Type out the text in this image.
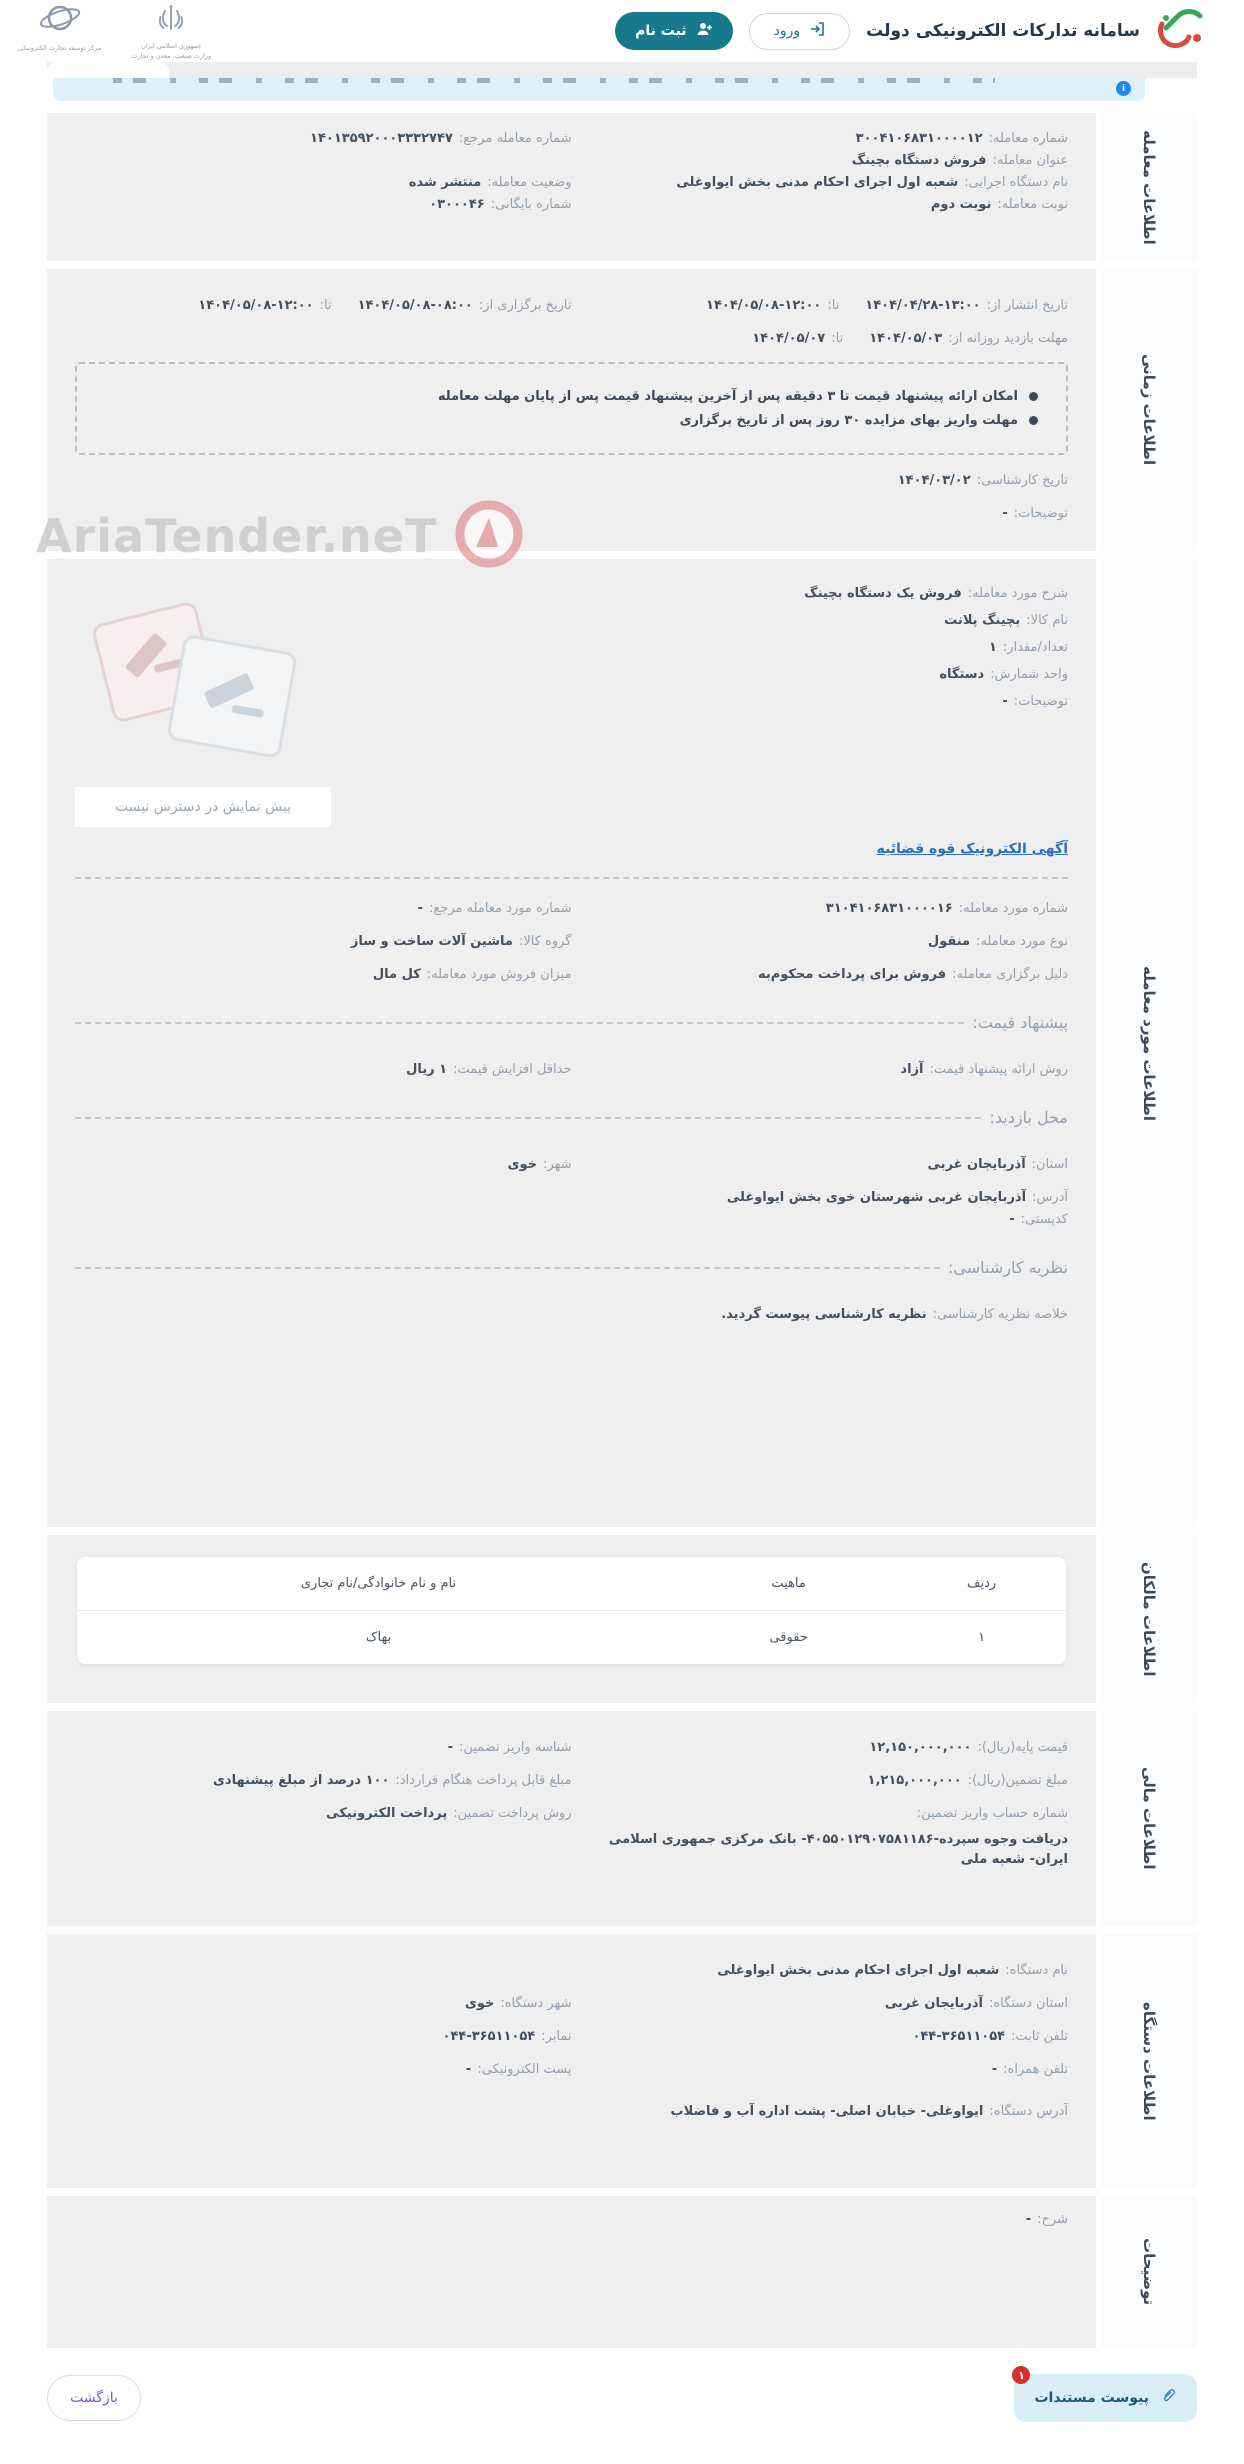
سامانه تدارکات الکترونیکی دولت
ورود
ثبت نام
مرکز توسعه تجارت الکترونیکی	جمهوری اسلامی ایران
وزارت صنعت، معدن و تجارت
i
AriaTender.neT
اطلاعات معامله
شماره معامله:
۳۰۰۴۱۰۶۸۳۱۰۰۰۰۱۲
شماره معامله مرجع:
۱۴۰۱۳۵۹۲۰۰۰۳۳۳۲۷۴۷
عنوان معامله:
فروش دستگاه بچینگ
نام دستگاه اجرایی:
شعبه اول اجرای احکام مدنی بخش ایواوغلی
وضعیت معامله:
منتشر شده
نوبت معامله:
نوبت دوم
شماره بایگانی:
۰۳۰۰۰۴۶
اطلاعات زمانی
تاریخ انتشار از:
۱۴۰۴/۰۴/۲۸-۱۳:۰۰
تا:
۱۴۰۴/۰۵/۰۸-۱۲:۰۰
تاریخ برگزاری از:
۱۴۰۴/۰۵/۰۸-۰۸:۰۰
تا:
۱۴۰۴/۰۵/۰۸-۱۲:۰۰
مهلت بازدید روزانه از:
۱۴۰۴/۰۵/۰۳
تا:
۱۴۰۴/۰۵/۰۷
امکان ارائه پیشنهاد قیمت تا ۳ دقیقه پس از آخرین پیشنهاد قیمت پس از پایان مهلت معامله
مهلت واریز بهای مزایده ۳۰ روز پس از تاریخ برگزاری
تاریخ کارشناسی:
۱۴۰۴/۰۳/۰۲
توضیحات:
-
اطلاعات مورد معامله
شرح مورد معامله:
فروش یک دستگاه بچینگ
نام کالا:
بچینگ پلانت
تعداد/مقدار:
۱
واحد شمارش:
دستگاه
توضیحات:
-
پیش نمایش در دسترس نیست
آگهی الکترونیک قوه قضائیه
شماره مورد معامله:
۳۱۰۴۱۰۶۸۳۱۰۰۰۰۱۶
شماره مورد معامله مرجع:
-
نوع مورد معامله:
منقول
گروه کالا:
ماشین آلات ساخت و ساز
دلیل برگزاری معامله:
فروش برای پرداخت محکوم‌به
میزان فروش مورد معامله:
کل مال
پیشنهاد قیمت:
روش ارائه پیشنهاد قیمت:
آزاد
حداقل افزایش قیمت:
۱ ریال
محل بازدید:
استان:
آذربایجان غربی
شهر:
خوی
آدرس:
آذربایجان غربی شهرستان خوی بخش ایواوغلی
کدپستی:
-
نظریه کارشناسی:
خلاصه نظریه کارشناسی:
نظریه کارشناسی پیوست گردید.
اطلاعات مالکان
ردیف
ماهیت
نام و نام خانوادگی/نام تجاری
۱
حقوقی
بهاک
اطلاعات مالی
قیمت پایه(ریال):
۱۲,۱۵۰,۰۰۰,۰۰۰
شناسه واریز تضمین:
-
مبلغ تضمین(ریال):
۱,۲۱۵,۰۰۰,۰۰۰
مبلغ قابل پرداخت هنگام قرارداد:
۱۰۰ درصد از مبلغ پیشنهادی
شماره حساب واریز تضمین:
دریافت وجوه سپرده-۴۰۵۵۰۱۲۹۰۷۵۸۱۱۸۶- بانک مرکزی جمهوری اسلامی ایران- شعبه ملی
روش پرداخت تضمین:
پرداخت الکترونیکی
اطلاعات دستگاه
نام دستگاه:
شعبه اول اجرای احکام مدنی بخش ایواوغلی
استان دستگاه:
آذربایجان غربی
شهر دستگاه:
خوی
تلفن ثابت:
۰۴۴-۳۶۵۱۱۰۵۴
نمابر:
۰۴۴-۳۶۵۱۱۰۵۴
تلفن همراه:
-
پست الکترونیکی:
-
آدرس دستگاه:
ایواوغلی- خیابان اصلی- پشت اداره آب و فاضلاب
توضیحات
شرح:
-
۱
پیوست مستندات
بازگشت
